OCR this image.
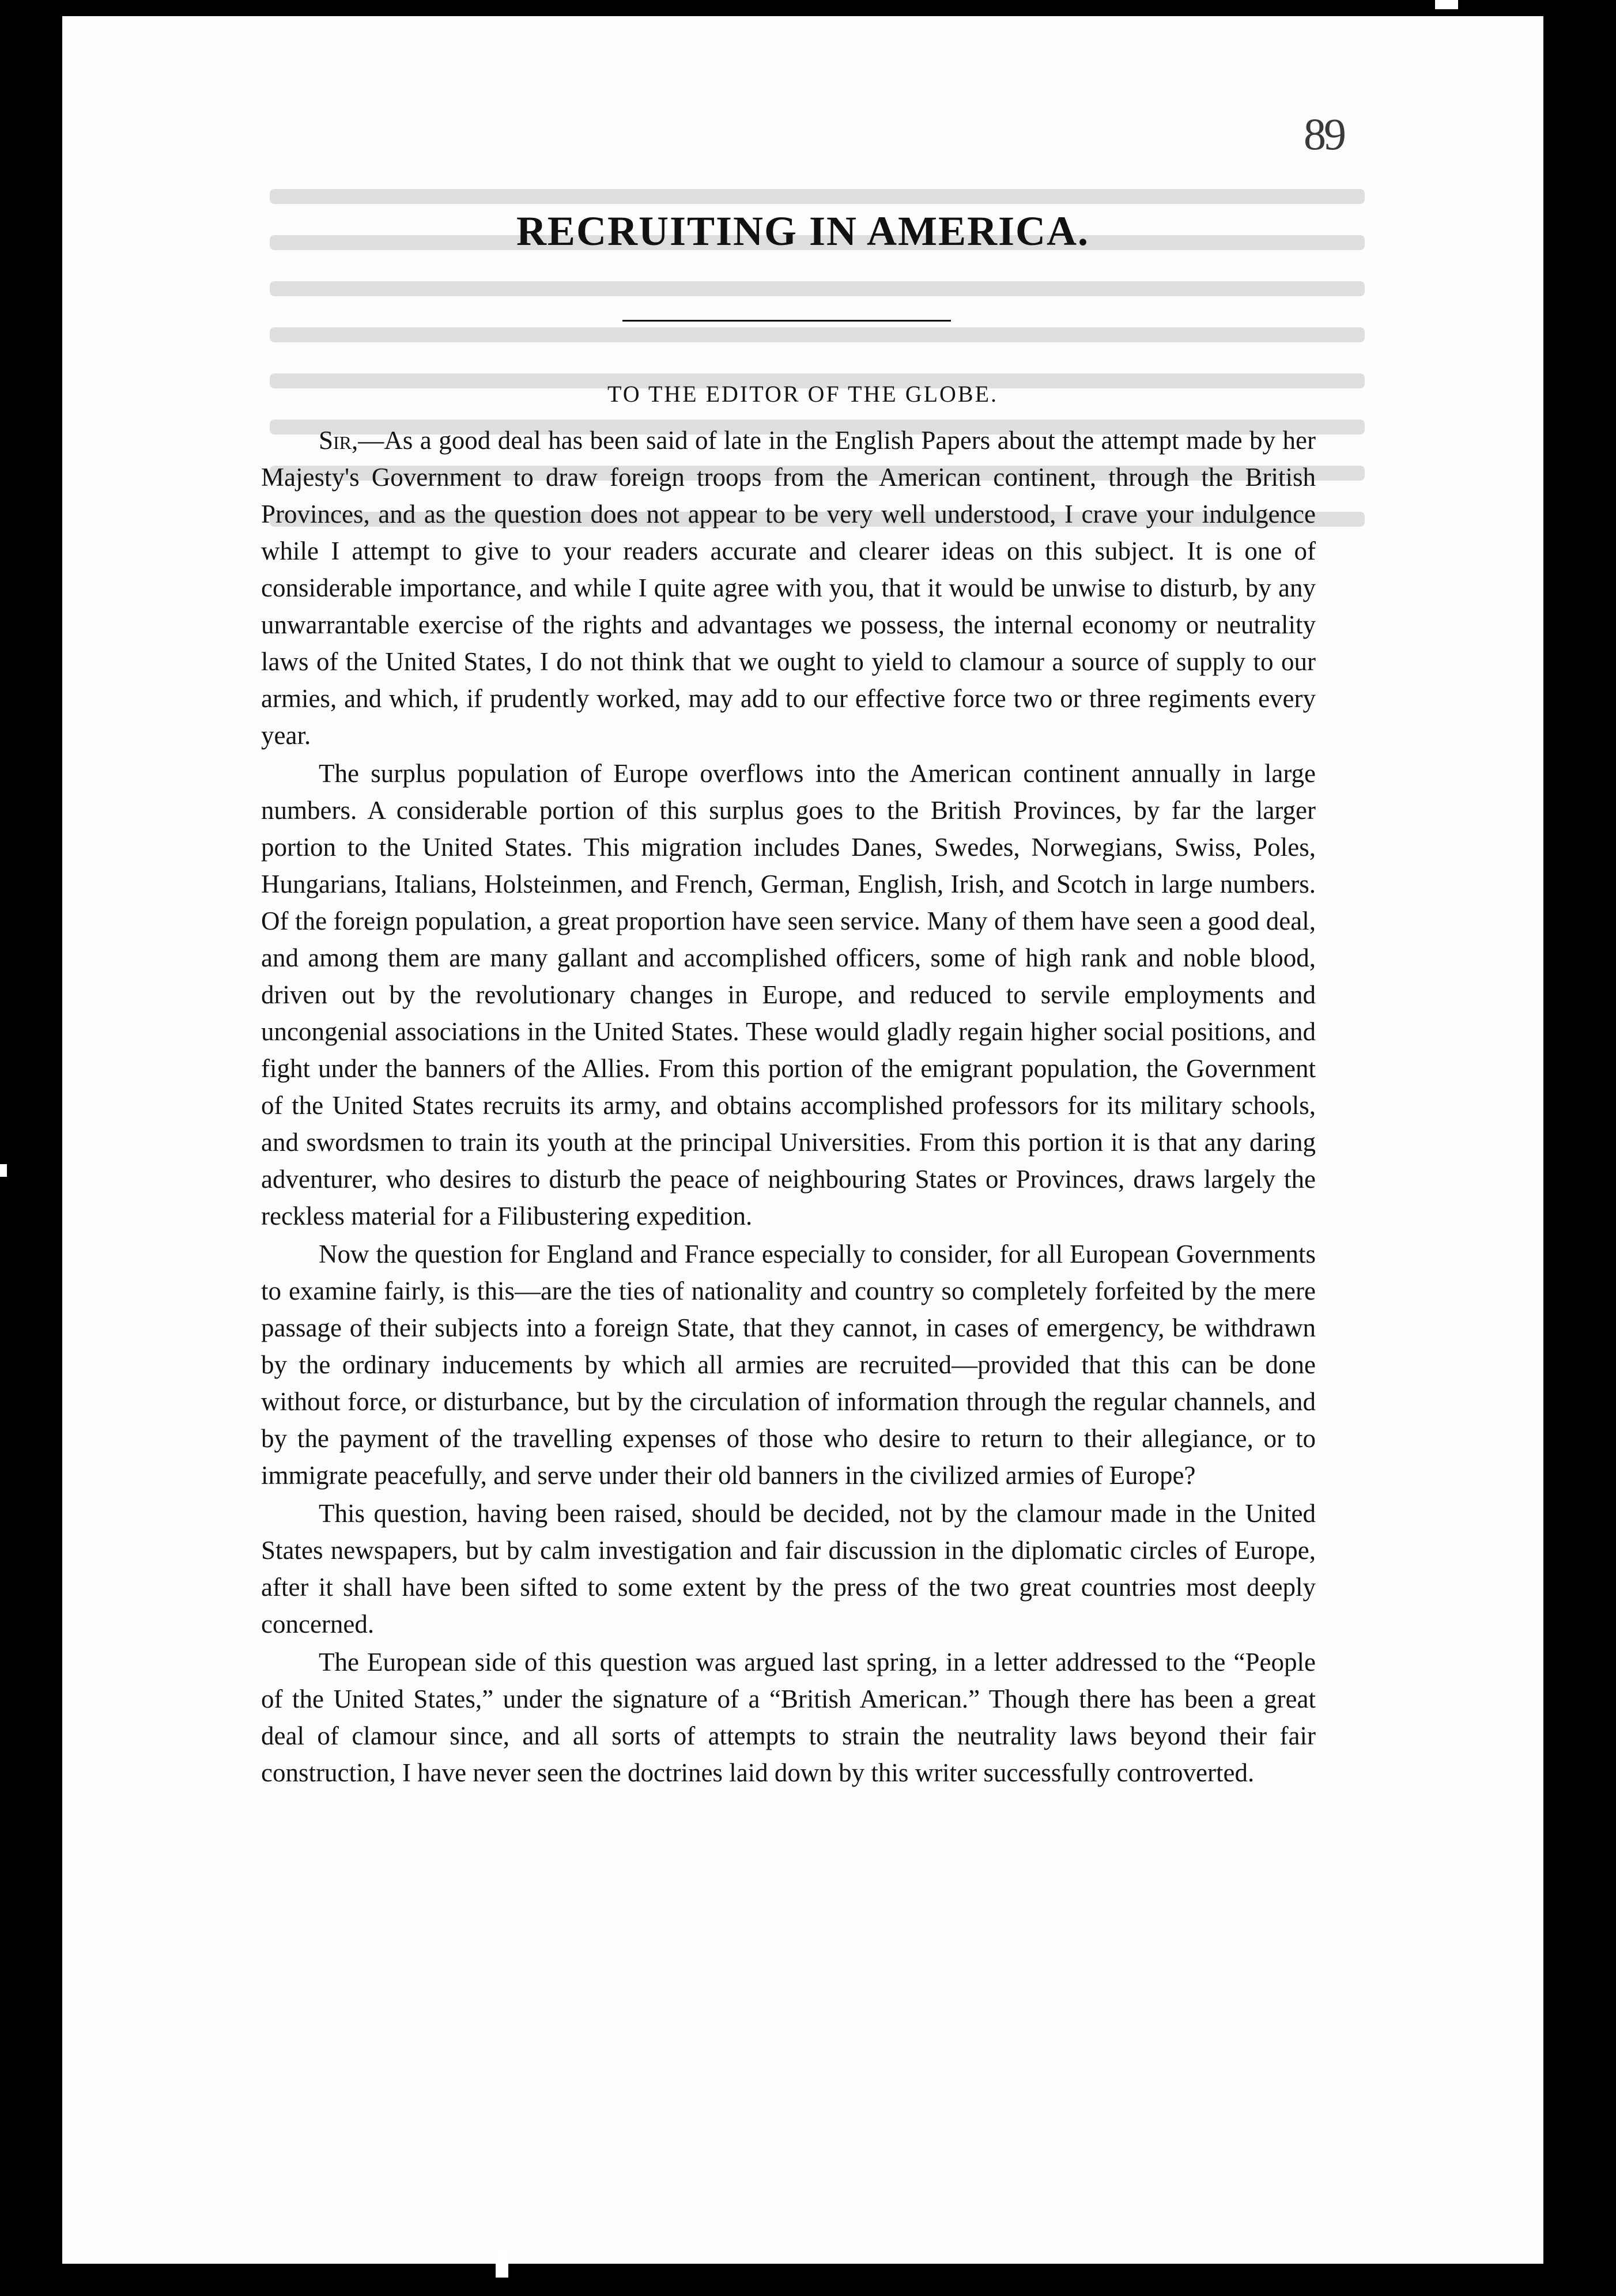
89
RECRUITING IN AMERICA.
TO THE EDITOR OF THE GLOBE.

Sir,—As a good deal has been said of late in the English Papers about the attempt made by her Majesty's Government to draw foreign troops from the American continent, through the British Provinces, and as the question does not appear to be very well understood, I crave your indulgence while I attempt to give to your readers accurate and clearer ideas on this subject. It is one of considerable importance, and while I quite agree with you, that it would be unwise to disturb, by any unwarrantable exercise of the rights and advantages we possess, the internal economy or neutrality laws of the United States, I do not think that we ought to yield to clamour a source of supply to our armies, and which, if prudently worked, may add to our effective force two or three regiments every year.

The surplus population of Europe overflows into the American continent annually in large numbers. A considerable portion of this surplus goes to the British Provinces, by far the larger portion to the United States. This migration includes Danes, Swedes, Norwegians, Swiss, Poles, Hungarians, Italians, Holsteinmen, and French, German, English, Irish, and Scotch in large numbers. Of the foreign population, a great proportion have seen service. Many of them have seen a good deal, and among them are many gallant and accomplished officers, some of high rank and noble blood, driven out by the revolutionary changes in Europe, and reduced to servile employments and uncongenial associations in the United States. These would gladly regain higher social positions, and fight under the banners of the Allies. From this portion of the emigrant population, the Government of the United States recruits its army, and obtains accomplished professors for its military schools, and swordsmen to train its youth at the principal Universities. From this portion it is that any daring adventurer, who desires to disturb the peace of neighbouring States or Provinces, draws largely the reckless material for a Filibustering expedition.

Now the question for England and France especially to consider, for all European Governments to examine fairly, is this—are the ties of nationality and country so completely forfeited by the mere passage of their subjects into a foreign State, that they cannot, in cases of emergency, be withdrawn by the ordinary inducements by which all armies are recruited—provided that this can be done without force, or disturbance, but by the circulation of information through the regular channels, and by the payment of the travelling expenses of those who desire to return to their allegiance, or to immigrate peacefully, and serve under their old banners in the civilized armies of Europe?

This question, having been raised, should be decided, not by the clamour made in the United States newspapers, but by calm investigation and fair discussion in the diplomatic circles of Europe, after it shall have been sifted to some extent by the press of the two great countries most deeply concerned.

The European side of this question was argued last spring, in a letter addressed to the “People of the United States,” under the signature of a “British American.” Though there has been a great deal of clamour since, and all sorts of attempts to strain the neutrality laws beyond their fair construction, I have never seen the doctrines laid down by this writer successfully controverted.
